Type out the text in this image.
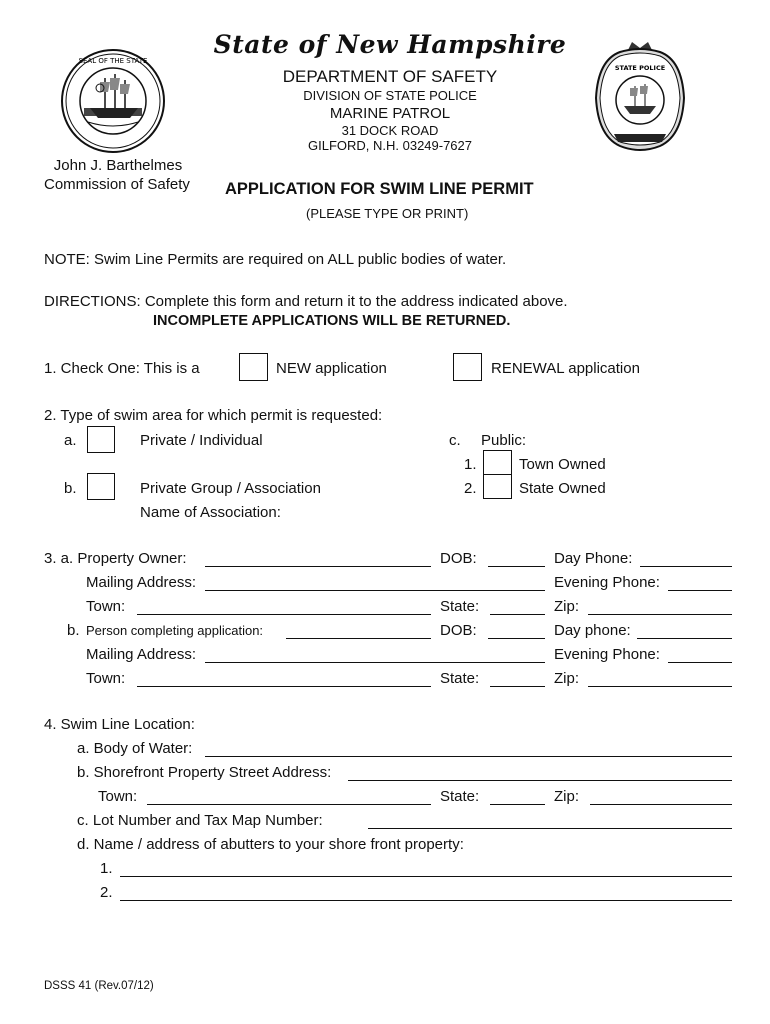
SEAL OF THE STATE
STATE POLICE
State of New Hampshire
DEPARTMENT OF SAFETY
DIVISION OF STATE POLICE
MARINE PATROL
31 DOCK ROAD
GILFORD, N.H. 03249-7627
John J. Barthelmes
Commission of Safety APPLICATION FOR SWIM LINE PERMIT
(PLEASE TYPE OR PRINT)
NOTE: Swim Line Permits are required on ALL public bodies of water.
DIRECTIONS: Complete this form and return it to the address indicated above.
INCOMPLETE APPLICATIONS WILL BE RETURNED.
1. Check One: This is a	NEW application	RENEWAL application
2. Type of swim area for which permit is requested:
a.	Private / Individual	c. Public:
1.	Town Owned
b.	Private Group / Association	2.	State Owned
Name of Association:
3. a. Property Owner:	DOB:	Day Phone:
Mailing Address:	Evening Phone:
Town:	State:	Zip:
b. Person completing application:	DOB:	Day phone:
Mailing Address:	Evening Phone:
Town:	State:	Zip:
4. Swim Line Location:
a. Body of Water:
b. Shorefront Property Street Address:
Town:	State:	Zip:
c. Lot Number and Tax Map Number:
d. Name / address of abutters to your shore front property:
1.
2.
DSSS 41 (Rev.07/12)
